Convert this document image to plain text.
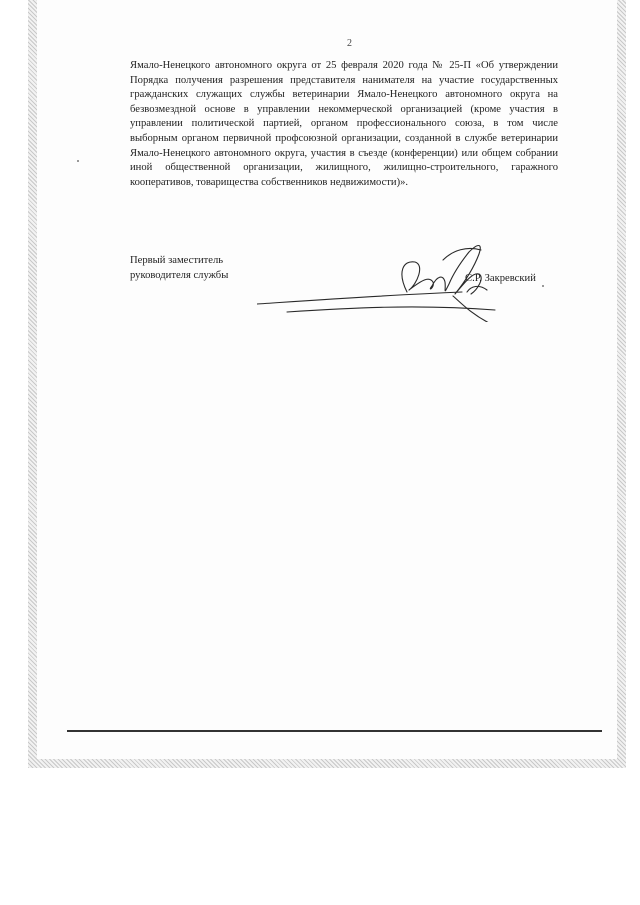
2

Ямало-Ненецкого автономного округа от 25 февраля 2020 года № 25-П «Об утверждении Порядка получения разрешения представителя нанимателя на участие государственных гражданских служащих службы ветеринарии Ямало-Ненецкого автономного округа на безвозмездной основе в управлении некоммерческой организацией (кроме участия в управлении политической партией, органом профессионального союза, в том числе выборным органом первичной профсоюзной организации, созданной в службе ветеринарии Ямало-Ненецкого автономного округа, участия в съезде (конференции) или общем собрании иной общественной организации, жилищного, жилищно-строительного, гаражного кооперативов, товарищества собственников недвижимости)».

Первый заместитель
руководителя службы	С.Р. Закревский
